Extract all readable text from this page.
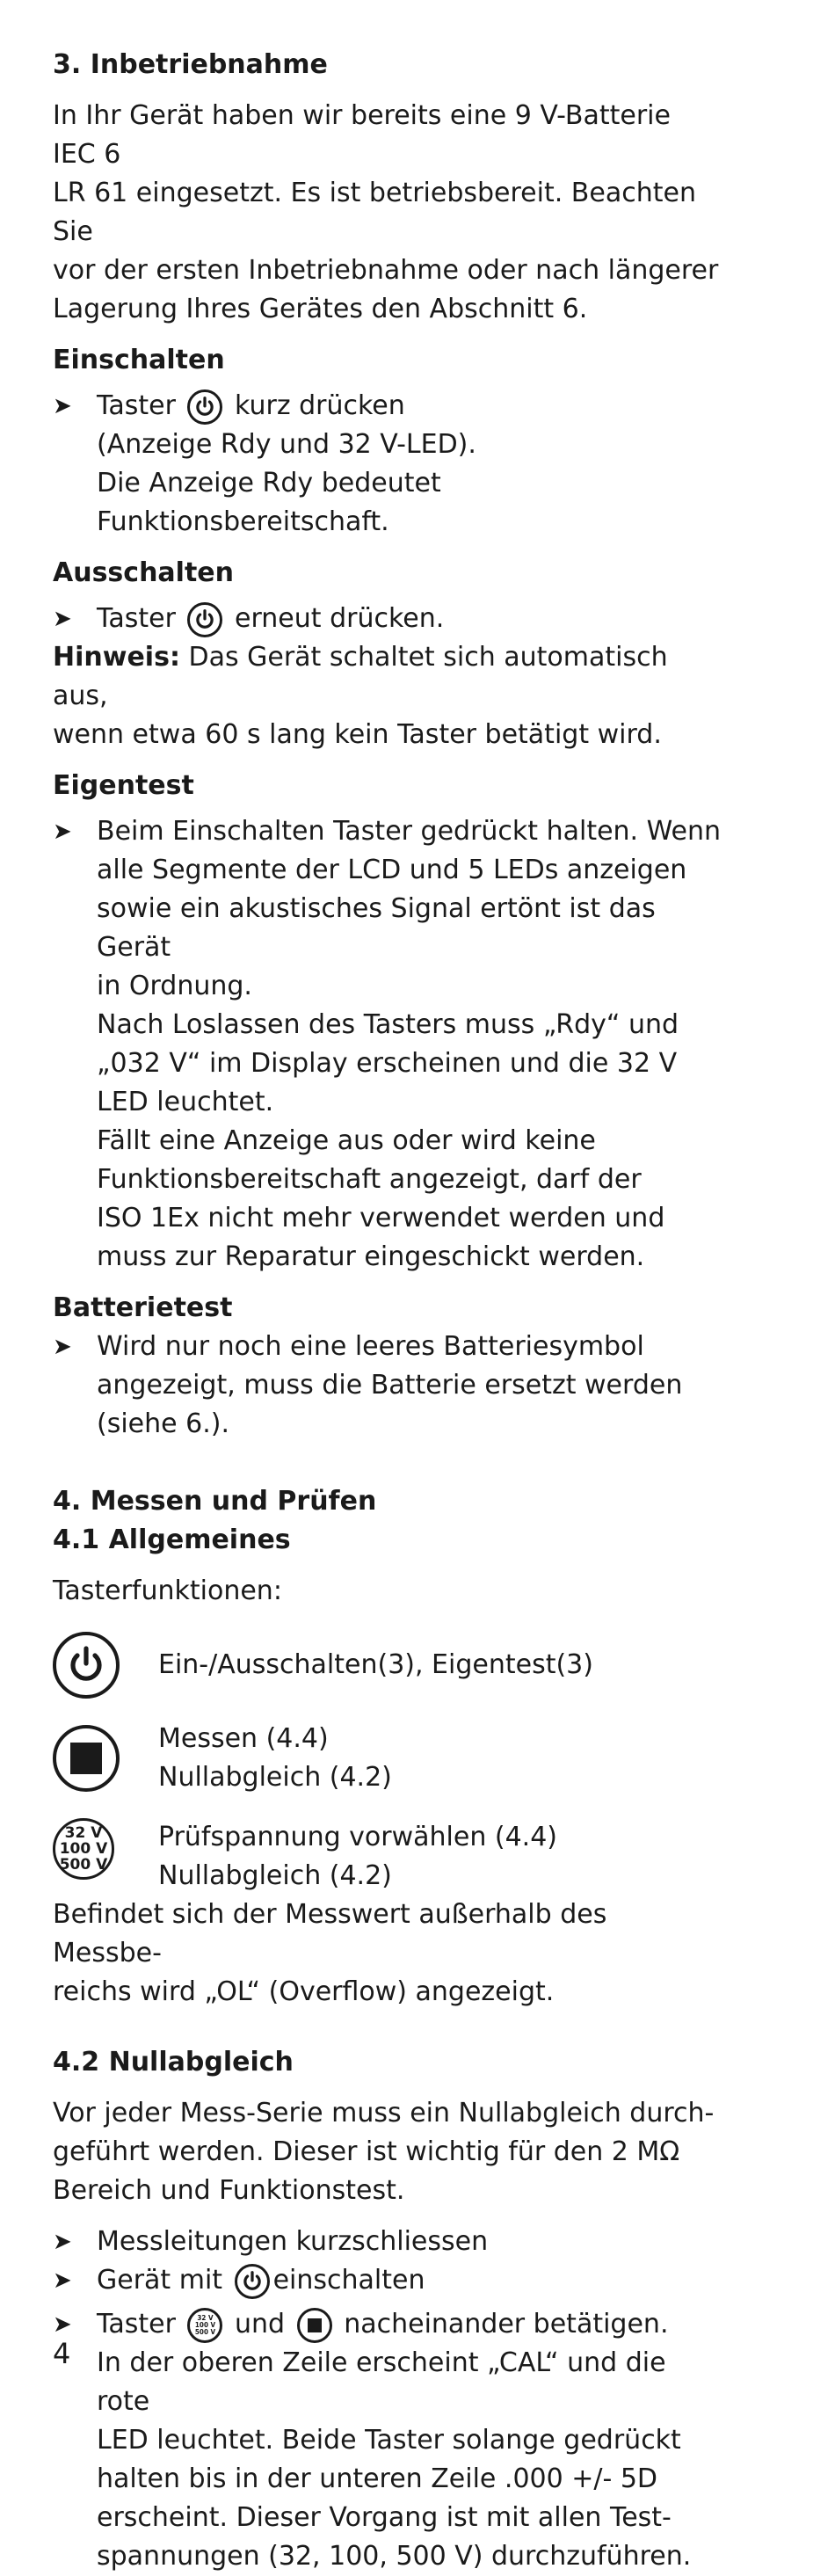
3. Inbetriebnahme

In Ihr Gerät haben wir bereits eine 9 V-Batterie IEC 6

LR 61 eingesetzt. Es ist betriebsbereit. Beachten Sie

vor der ersten Inbetriebnahme oder nach längerer

Lagerung Ihres Gerätes den Abschnitt 6.

Einschalten

➤ Taster kurz drücken

(Anzeige Rdy und 32 V-LED).

Die Anzeige Rdy bedeutet Funktionsbereitschaft.

Ausschalten

➤ Taster erneut drücken.

Hinweis: Das Gerät schaltet sich automatisch aus,

wenn etwa 60 s lang kein Taster betätigt wird.

Eigentest

➤ Beim Einschalten Taster gedrückt halten. Wenn

alle Segmente der LCD und 5 LEDs anzeigen

sowie ein akustisches Signal ertönt ist das Gerät

in Ordnung.

Nach Loslassen des Tasters muss „Rdy“ und

„032 V“ im Display erscheinen und die 32 V

LED leuchtet.

Fällt eine Anzeige aus oder wird keine

Funktionsbereitschaft angezeigt, darf der

ISO 1Ex nicht mehr verwendet werden und

muss zur Reparatur eingeschickt werden.

Batterietest

➤ Wird nur noch eine leeres Batteriesymbol

angezeigt, muss die Batterie ersetzt werden

(siehe 6.).

4. Messen und Prüfen

4.1 Allgemeines

Tasterfunktionen:

Ein-/Ausschalten(3), Eigentest(3)

Messen (4.4)

Nullabgleich (4.2)

32 V
100 V
500 V

Prüfspannung vorwählen (4.4)

Nullabgleich (4.2)

Befindet sich der Messwert außerhalb des Messbe-

reichs wird „OL“ (Overflow) angezeigt.

4.2 Nullabgleich

Vor jeder Mess-Serie muss ein Nullabgleich durch-

geführt werden. Dieser ist wichtig für den 2 MΩ

Bereich und Funktionstest.

➤ Messleitungen kurzschliessen

➤ Gerät mit einschalten

➤ Taster	32 V
100 V
500 V und nacheinander betätigen.

In der oberen Zeile erscheint „CAL“ und die rote

LED leuchtet. Beide Taster solange gedrückt

halten bis in der unteren Zeile .000 +/- 5D

erscheint. Dieser Vorgang ist mit allen Test-

spannungen (32, 100, 500 V) durchzuführen.

4
